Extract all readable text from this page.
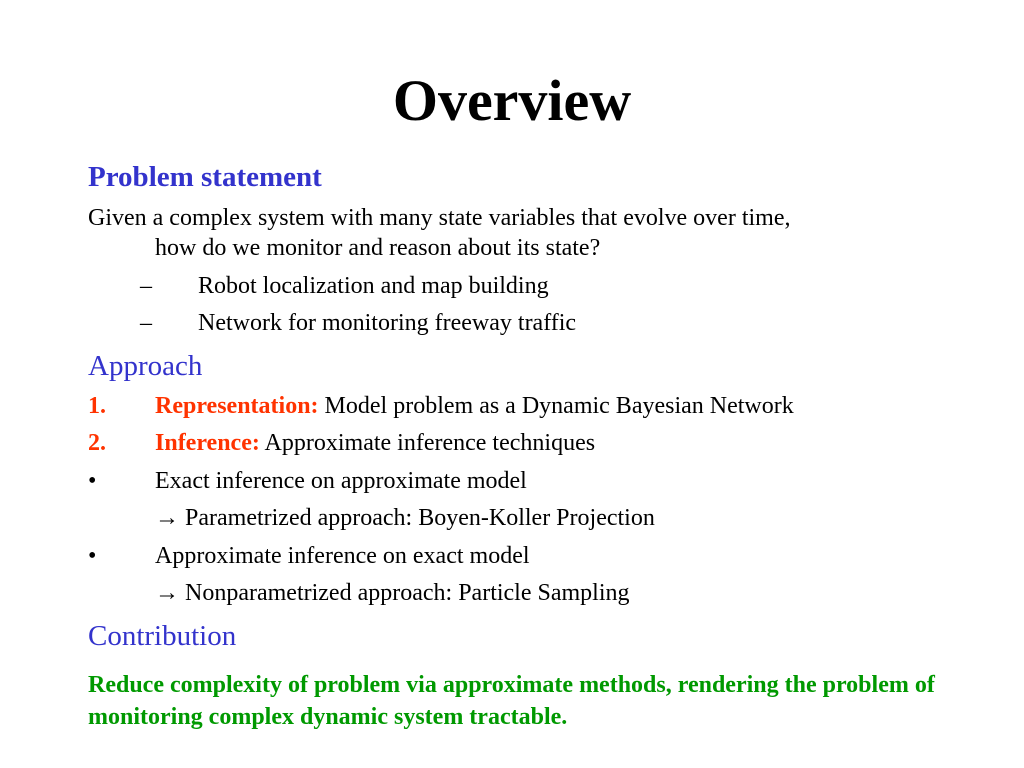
Overview
Problem statement

Given a complex system with many state variables that evolve over time,

how do we monitor and reason about its state?

– Robot localization and map building

– Network for monitoring freeway traffic

Approach

1. Representation: Model problem as a Dynamic Bayesian Network

2. Inference: Approximate inference techniques

• Exact inference on approximate model

→ Parametrized approach: Boyen-Koller Projection

• Approximate inference on exact model

→ Nonparametrized approach: Particle Sampling

Contribution

Reduce complexity of problem via approximate methods, rendering the problem of monitoring complex dynamic system tractable.
